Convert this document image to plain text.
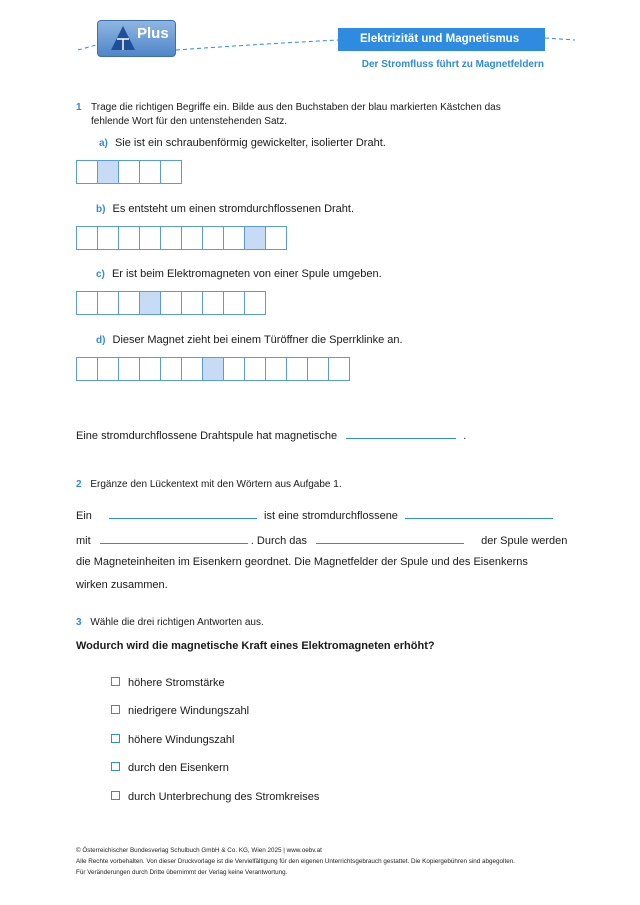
Plus	Elektrizität und Magnetismus
Der Stromfluss führt zu Magnetfeldern
1 Trage die richtigen Begriffe ein. Bilde aus den Buchstaben der blau markierten Kästchen das
fehlende Wort für den untenstehenden Satz.
a) Sie ist ein schraubenförmig gewickelter, isolierter Draht.
b) Es entsteht um einen stromdurchflossenen Draht.
c) Er ist beim Elektromagneten von einer Spule umgeben.
d) Dieser Magnet zieht bei einem Türöffner die Sperrklinke an.
Eine stromdurchflossene Drahtspule hat magnetische	.
2 Ergänze den Lückentext mit den Wörtern aus Aufgabe 1.
Ein	ist eine stromdurchflossene
mit	. Durch das	der Spule werden
die Magneteinheiten im Eisenkern geordnet. Die Magnetfelder der Spule und des Eisenkerns
wirken zusammen.
3 Wähle die drei richtigen Antworten aus.
Wodurch wird die magnetische Kraft eines Elektromagneten erhöht?
höhere Stromstärke
niedrigere Windungszahl
höhere Windungszahl
durch den Eisenkern
durch Unterbrechung des Stromkreises
© Österreichischer Bundesverlag Schulbuch GmbH & Co. KG, Wien 2025 | www.oebv.at
Alle Rechte vorbehalten. Von dieser Druckvorlage ist die Vervielfältigung für den eigenen Unterrichtsgebrauch gestattet. Die Kopiergebühren sind abgegolten.
Für Veränderungen durch Dritte übernimmt der Verlag keine Verantwortung.
